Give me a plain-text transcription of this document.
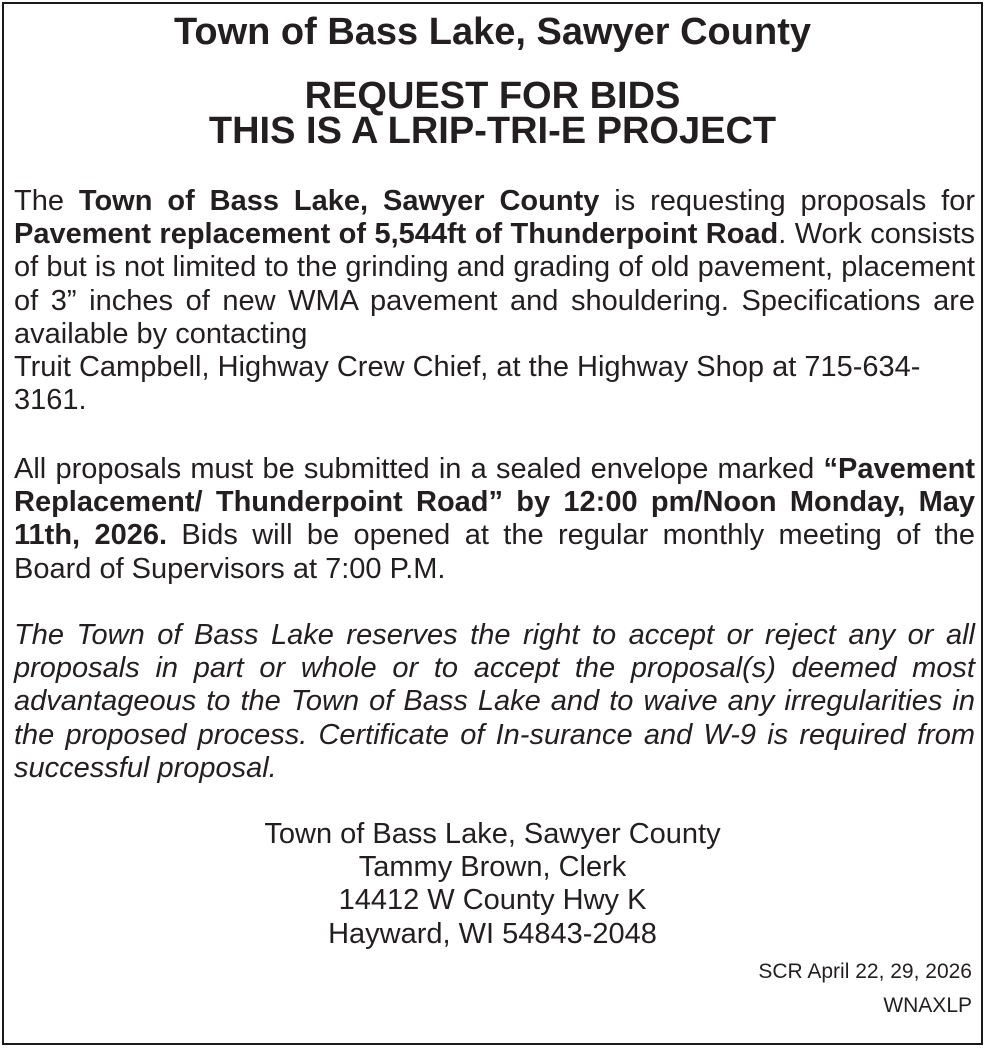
Town of Bass Lake, Sawyer County
REQUEST FOR BIDS
THIS IS A LRIP-TRI-E PROJECT
The Town of Bass Lake, Sawyer County is requesting proposals for Pavement replacement of 5,544ft of Thunderpoint Road. Work consists of but is not limited to the grinding and grading of old pavement, placement of 3” inches of new WMA pavement and shouldering. Specifications are available by contacting
Truit Campbell, Highway Crew Chief, at the Highway Shop at 715-634-3161.
All proposals must be submitted in a sealed envelope marked “Pavement Replacement/ Thunderpoint Road” by 12:00 pm/Noon Monday, May 11th, 2026. Bids will be opened at the regular monthly meeting of the Board of Supervisors at 7:00 P.M.
The Town of Bass Lake reserves the right to accept or reject any or all proposals in part or whole or to accept the proposal(s) deemed most advantageous to the Town of Bass Lake and to waive any irregularities in the proposed process. Certificate of In-surance and W-9 is required from successful proposal.
Town of Bass Lake, Sawyer County
Tammy Brown, Clerk
14412 W County Hwy K
Hayward, WI 54843-2048
SCR April 22, 29, 2026
WNAXLP
